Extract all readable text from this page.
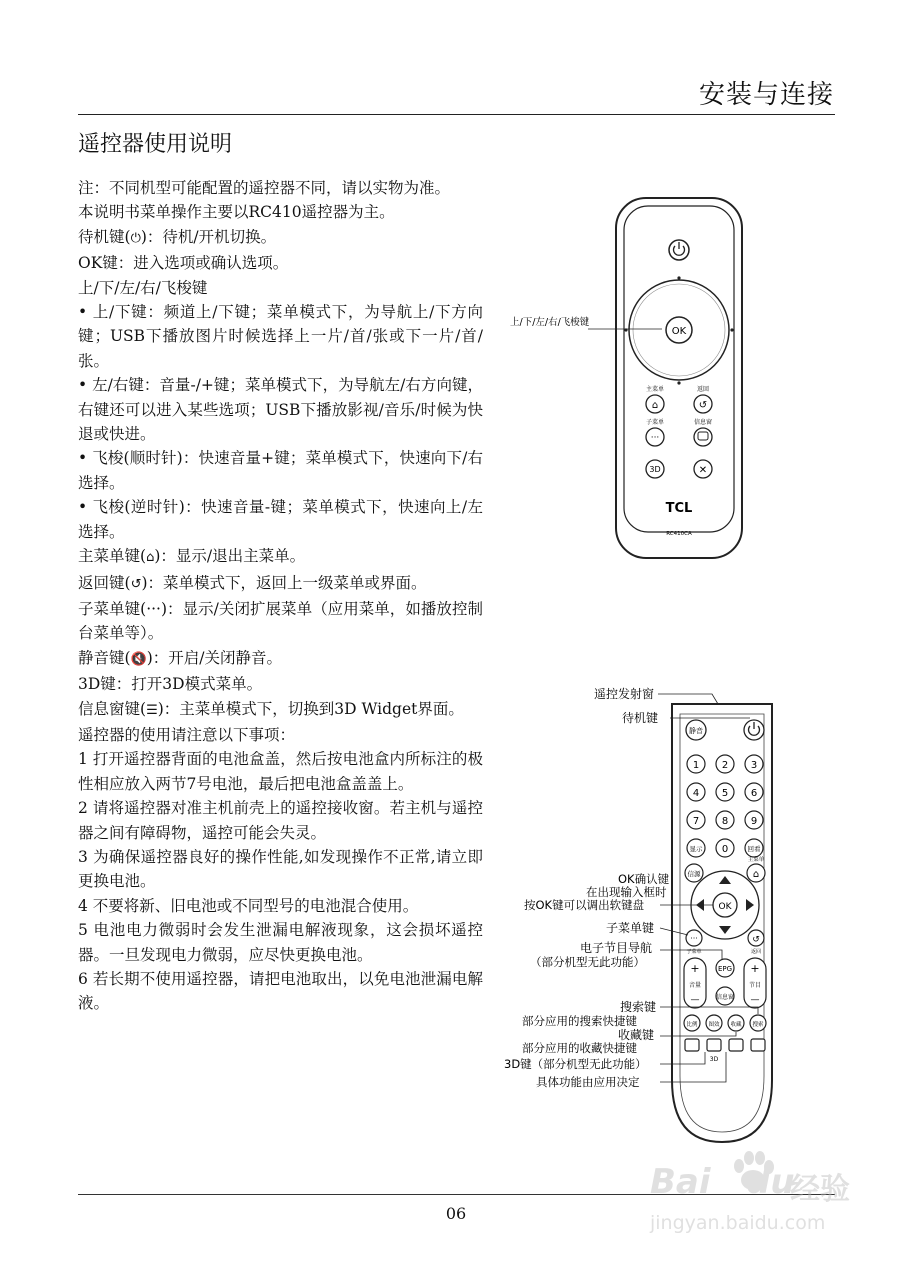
安装与连接
遥控器使用说明

注：不同机型可能配置的遥控器不同，请以实物为准。

本说明书菜单操作主要以RC410遥控器为主。

待机键(⏻)：待机/开机切换。

OK键：进入选项或确认选项。

上/下/左/右/飞梭键

• 上/下键：频道上/下键；菜单模式下，为导航上/下方向键；USB下播放图片时候选择上一片/首/张或下一片/首/张。

• 左/右键：音量-/+键；菜单模式下，为导航左/右方向键，右键还可以进入某些选项；USB下播放影视/音乐/时候为快退或快进。

• 飞梭(顺时针)：快速音量+键；菜单模式下，快速向下/右选择。

• 飞梭(逆时针)：快速音量-键；菜单模式下，快速向上/左选择。

主菜单键(⌂)：显示/退出主菜单。

返回键(↺)：菜单模式下，返回上一级菜单或界面。

子菜单键(···)：显示/关闭扩展菜单（应用菜单，如播放控制台菜单等）。

静音键(🔇)：开启/关闭静音。

3D键：打开3D模式菜单。

信息窗键(☰)：主菜单模式下，切换到3D Widget界面。

遥控器的使用请注意以下事项：

1 打开遥控器背面的电池盒盖，然后按电池盒内所标注的极性相应放入两节7号电池，最后把电池盒盖盖上。

2 请将遥控器对准主机前壳上的遥控接收窗。若主机与遥控器之间有障碍物，遥控可能会失灵。

3 为确保遥控器良好的操作性能,如发现操作不正常,请立即更换电池。

4 不要将新、旧电池或不同型号的电池混合使用。

5 电池电力微弱时会发生泄漏电解液现象，这会损坏遥控器。一旦发现电力微弱，应尽快更换电池。

6 若长期不使用遥控器，请把电池取出，以免电池泄漏电解液。

OK
上/下/左/右/飞梭键
主菜单	返回
⌂	↺
子菜单	信息窗
···
3D	✕
TCL
RC410CA
遥控发射窗
待机键
静音
1 2 3
4 5 6
7 8 9
显示 0	回看
信源
主菜单
⌂
OK
···
子菜单
↺
返回
OK确认键
在出现输入框时
按OK键可以调出软键盘
子菜单键
电子节目导航
（部分机型无此功能）	+
音量
—
+
节目
—
EPG
信息窗
搜索键
部分应用的搜索快捷键	比例 图效 收藏 搜索
收藏键
部分应用的收藏快捷键
3D
3D键（部分机型无此功能）
具体功能由应用决定
06
Bai du
经验
jingyan.baidu.com
